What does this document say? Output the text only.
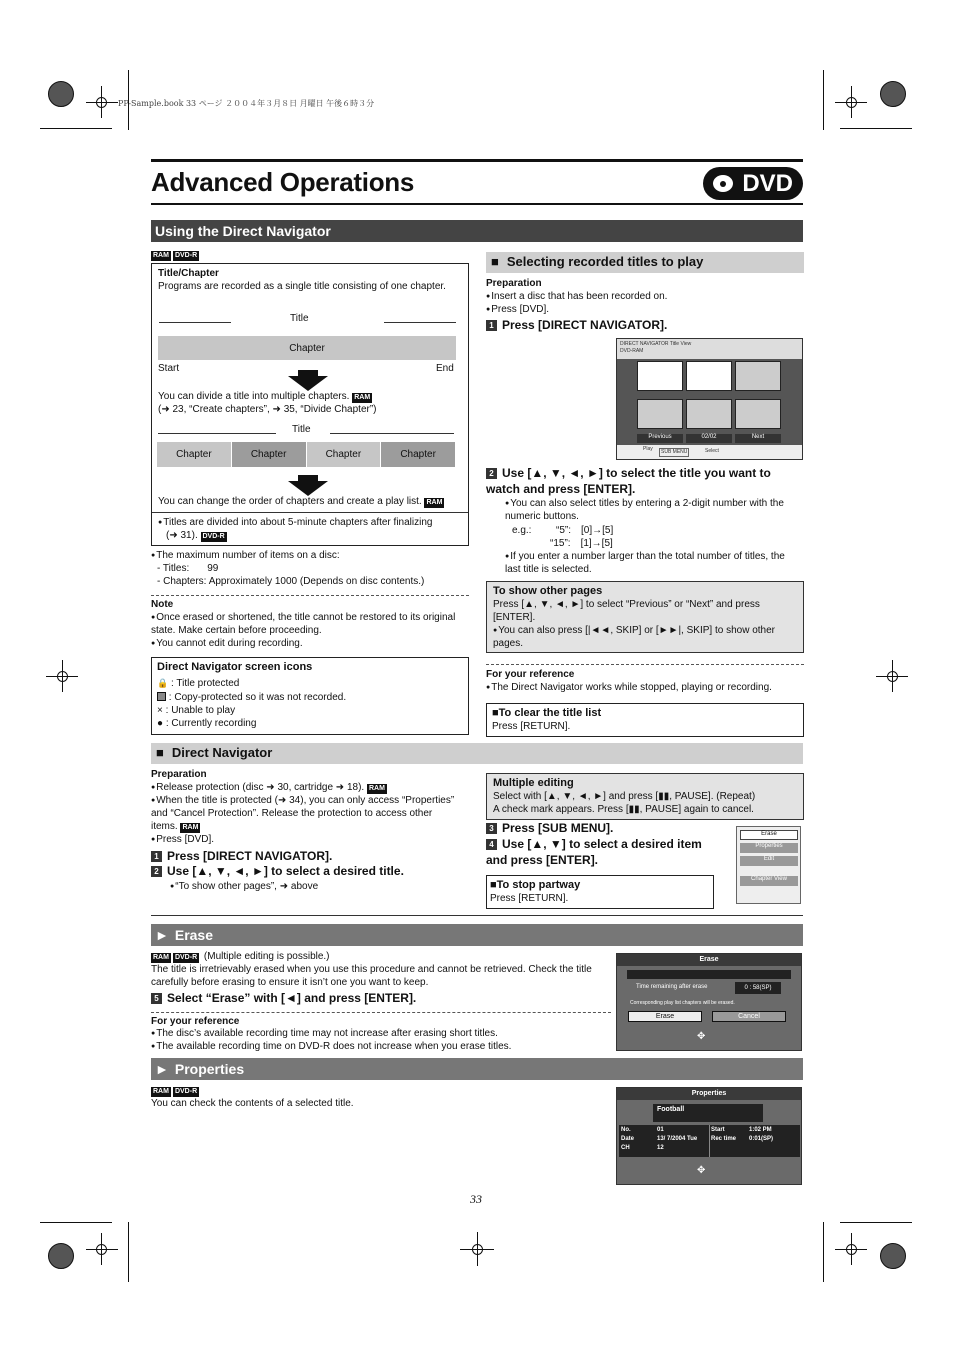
PP-Sample.book 33 ページ ２００４年３月８日 月曜日 午後６時３分
Advanced Operations	DVD
Using the Direct Navigator
RAM DVD-R
Title/Chapter
Programs are recorded as a single title consisting of one chapter.
Title
Chapter
Start	End
You can divide a title into multiple chapters. RAM
(➜ 23, “Create chapters”, ➜ 35, “Divide Chapter”)
Title
Chapter	Chapter	Chapter	Chapter
You can change the order of chapters and create a play list. RAM
● Titles are divided into about 5-minute chapters after finalizing
(➜ 31). DVD-R
● The maximum number of items on a disc:
- Titles: 99
- Chapters: Approximately 1000 (Depends on disc contents.)
Note
● Once erased or shortened, the title cannot be restored to its original state. Make certain before proceeding.
● You cannot edit during recording.
Direct Navigator screen icons
🔒 : Title protected
: Copy-protected so it was not recorded.
× : Unable to play
● : Currently recording
■ Selecting recorded titles to play
Preparation
● Insert a disc that has been recorded on.
● Press [DVD].
1 Press [DIRECT NAVIGATOR].
DIRECT NAVIGATOR Title View
DVD-RAM
10:00 Mon	10:05 Mon
Previous	02/02	Next
Play	SUB MENU	Select
2 Use [▲, ▼, ◄, ►] to select the title you want to watch and press [ENTER].
● You can also select titles by entering a 2-digit number with the numeric buttons.
e.g.: “5”: [0]→[5]
“15”: [1]→[5]
● If you enter a number larger than the total number of titles, the last title is selected.
To show other pages
Press [▲, ▼, ◄, ►] to select “Previous” or “Next” and press [ENTER].
● You can also press [|◄◄, SKIP] or [►►|, SKIP] to show other pages.
For your reference
● The Direct Navigator works while stopped, playing or recording.
■To clear the title list
Press [RETURN].
■ Direct Navigator
Preparation
● Release protection (disc ➜ 30, cartridge ➜ 18). RAM
● When the title is protected (➜ 34), you can only access “Properties” and “Cancel Protection”. Release the protection to access other items. RAM
● Press [DVD].
1 Press [DIRECT NAVIGATOR].
2 Use [▲, ▼, ◄, ►] to select a desired title.
● “To show other pages”, ➜ above
Multiple editing
Select with [▲, ▼, ◄, ►] and press [▮▮, PAUSE]. (Repeat)
A check mark appears. Press [▮▮, PAUSE] again to cancel.
3 Press [SUB MENU].
4 Use [▲, ▼] to select a desired item and press [ENTER].
Erase
Properties
Edit
Chapter View
■To stop partway
Press [RETURN].
► Erase
RAM DVD-R (Multiple editing is possible.)
The title is irretrievably erased when you use this procedure and cannot be retrieved. Check the title carefully before erasing to ensure it isn’t one you want to keep.
5 Select “Erase” with [◄] and press [ENTER].
For your reference
● The disc’s available recording time may not increase after erasing short titles.
● The available recording time on DVD-R does not increase when you erase titles.
Erase
Time remaining after erase	0 : 58(SP)
Corresponding play list chapters will be erased.
Erase	Cancel
✥
► Properties
RAM DVD-R
You can check the contents of a selected title.
Properties
Football
No.	01
Date	13/ 7/2004 Tue
CH	12
Start	1:02 PM
Rec time 0:01(SP)
✥
33
